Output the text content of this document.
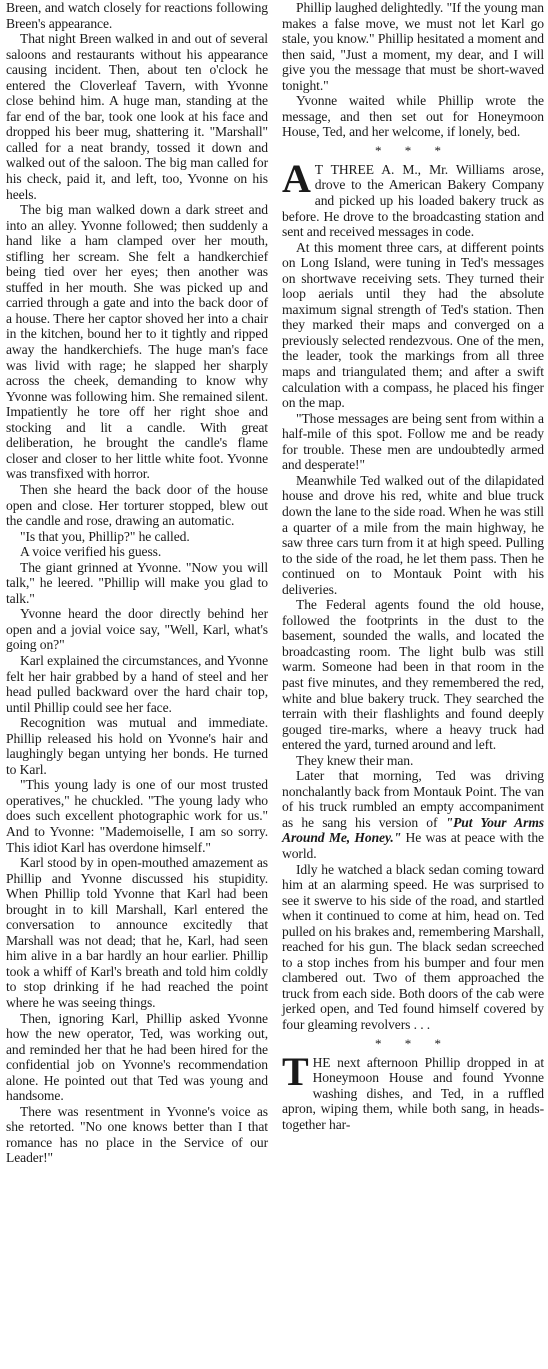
Breen, and watch closely for reactions following Breen's appearance.

That night Breen walked in and out of several saloons and restaurants without his appearance causing incident. Then, about ten o'clock he entered the Cloverleaf Tavern, with Yvonne close behind him. A huge man, standing at the far end of the bar, took one look at his face and dropped his beer mug, shattering it. "Marshall" called for a neat brandy, tossed it down and walked out of the saloon. The big man called for his check, paid it, and left, too, Yvonne on his heels.

The big man walked down a dark street and into an alley. Yvonne followed; then suddenly a hand like a ham clamped over her mouth, stifling her scream. She felt a handkerchief being tied over her eyes; then another was stuffed in her mouth. She was picked up and carried through a gate and into the back door of a house. There her captor shoved her into a chair in the kitchen, bound her to it tightly and ripped away the handkerchiefs. The huge man's face was livid with rage; he slapped her sharply across the cheek, demanding to know why Yvonne was following him. She remained silent. Impatiently he tore off her right shoe and stocking and lit a candle. With great deliberation, he brought the candle's flame closer and closer to her little white foot. Yvonne was transfixed with horror.

Then she heard the back door of the house open and close. Her torturer stopped, blew out the candle and rose, drawing an automatic.

"Is that you, Phillip?" he called.

A voice verified his guess.

The giant grinned at Yvonne. "Now you will talk," he leered. "Phillip will make you glad to talk."

Yvonne heard the door directly behind her open and a jovial voice say, "Well, Karl, what's going on?"

Karl explained the circumstances, and Yvonne felt her hair grabbed by a hand of steel and her head pulled backward over the hard chair top, until Phillip could see her face.

Recognition was mutual and immediate. Phillip released his hold on Yvonne's hair and laughingly began untying her bonds. He turned to Karl.

"This young lady is one of our most trusted operatives," he chuckled. "The young lady who does such excellent photographic work for us." And to Yvonne: "Mademoiselle, I am so sorry. This idiot Karl has overdone himself."

Karl stood by in open-mouthed amazement as Phillip and Yvonne discussed his stupidity. When Phillip told Yvonne that Karl had been brought in to kill Marshall, Karl entered the conversation to announce excitedly that Marshall was not dead; that he, Karl, had seen him alive in a bar hardly an hour earlier. Phillip took a whiff of Karl's breath and told him coldly to stop drinking if he had reached the point where he was seeing things.

Then, ignoring Karl, Phillip asked Yvonne how the new operator, Ted, was working out, and reminded her that he had been hired for the confidential job on Yvonne's recommendation alone. He pointed out that Ted was young and handsome.

There was resentment in Yvonne's voice as she retorted. "No one knows better than I that romance has no place in the Service of our Leader!"

Phillip laughed delightedly. "If the young man makes a false move, we must not let Karl go stale, you know." Phillip hesitated a moment and then said, "Just a moment, my dear, and I will give you the message that must be short-waved tonight."

Yvonne waited while Phillip wrote the message, and then set out for Honeymoon House, Ted, and her welcome, if lonely, bed.

* * *

A T THREE A. M., Mr. Williams arose, drove to the American Bakery Company and picked up his loaded bakery truck as before. He drove to the broadcasting station and sent and received messages in code.

At this moment three cars, at different points on Long Island, were tuning in Ted's messages on shortwave receiving sets. They turned their loop aerials until they had the absolute maximum signal strength of Ted's station. Then they marked their maps and converged on a previously selected rendezvous. One of the men, the leader, took the markings from all three maps and triangulated them; and after a swift calculation with a compass, he placed his finger on the map.

"Those messages are being sent from within a half-mile of this spot. Follow me and be ready for trouble. These men are undoubtedly armed and desperate!"

Meanwhile Ted walked out of the dilapidated house and drove his red, white and blue truck down the lane to the side road. When he was still a quarter of a mile from the main highway, he saw three cars turn from it at high speed. Pulling to the side of the road, he let them pass. Then he continued on to Montauk Point with his deliveries.

The Federal agents found the old house, followed the footprints in the dust to the basement, sounded the walls, and located the broadcasting room. The light bulb was still warm. Someone had been in that room in the past five minutes, and they remembered the red, white and blue bakery truck. They searched the terrain with their flashlights and found deeply gouged tire-marks, where a heavy truck had entered the yard, turned around and left.

They knew their man.

Later that morning, Ted was driving nonchalantly back from Montauk Point. The van of his truck rumbled an empty accompaniment as he sang his version of "Put Your Arms Around Me, Honey." He was at peace with the world.

Idly he watched a black sedan coming toward him at an alarming speed. He was surprised to see it swerve to his side of the road, and startled when it continued to come at him, head on. Ted pulled on his brakes and, remembering Marshall, reached for his gun. The black sedan screeched to a stop inches from his bumper and four men clambered out. Two of them approached the truck from each side. Both doors of the cab were jerked open, and Ted found himself covered by four gleaming revolvers . . .

* * *

THE next afternoon Phillip dropped in at Honeymoon House and found Yvonne washing dishes, and Ted, in a ruffled apron, wiping them, while both sang, in heads-together har-
